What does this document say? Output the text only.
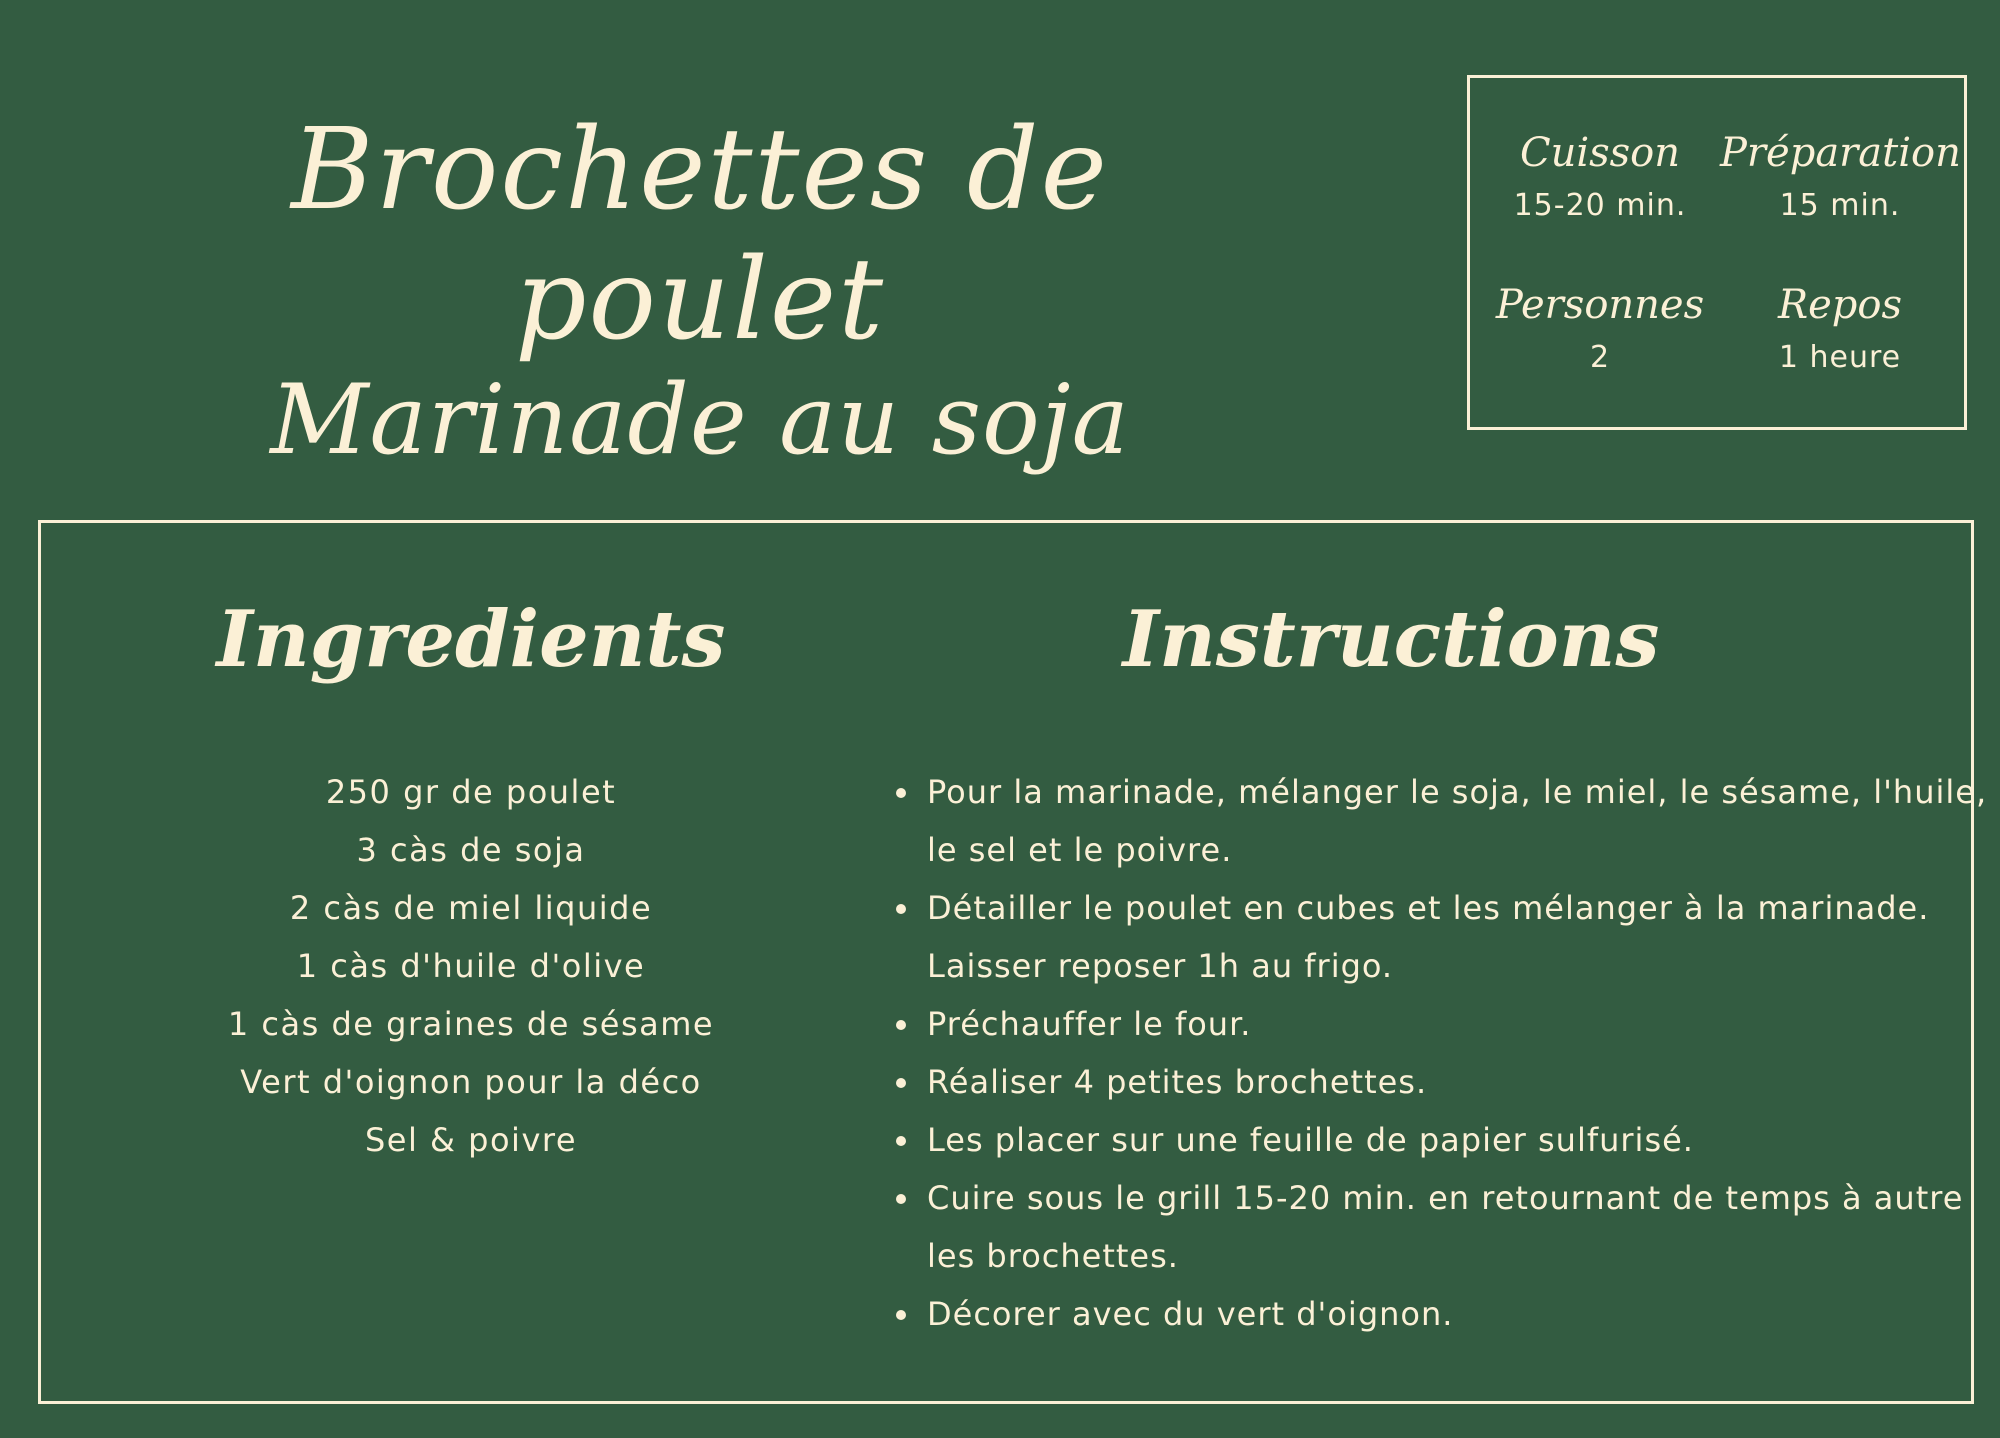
Brochettes de poulet
Marinade au soja
Cuisson
15-20 min.
Préparation
15 min.
Personnes
2
Repos
1 heure
Ingredients	Instructions
250 gr de poulet
3 càs de soja
2 càs de miel liquide
1 càs d'huile d'olive
1 càs de graines de sésame
Vert d'oignon pour la déco
Sel & poivre
• Pour la marinade, mélanger le soja, le miel, le sésame, l'huile, le sel et le poivre.
• Détailler le poulet en cubes et les mélanger à la marinade. Laisser reposer 1h au frigo.
• Préchauffer le four.
• Réaliser 4 petites brochettes.
• Les placer sur une feuille de papier sulfurisé.
• Cuire sous le grill 15-20 min. en retournant de temps à autre les brochettes.
• Décorer avec du vert d'oignon.
